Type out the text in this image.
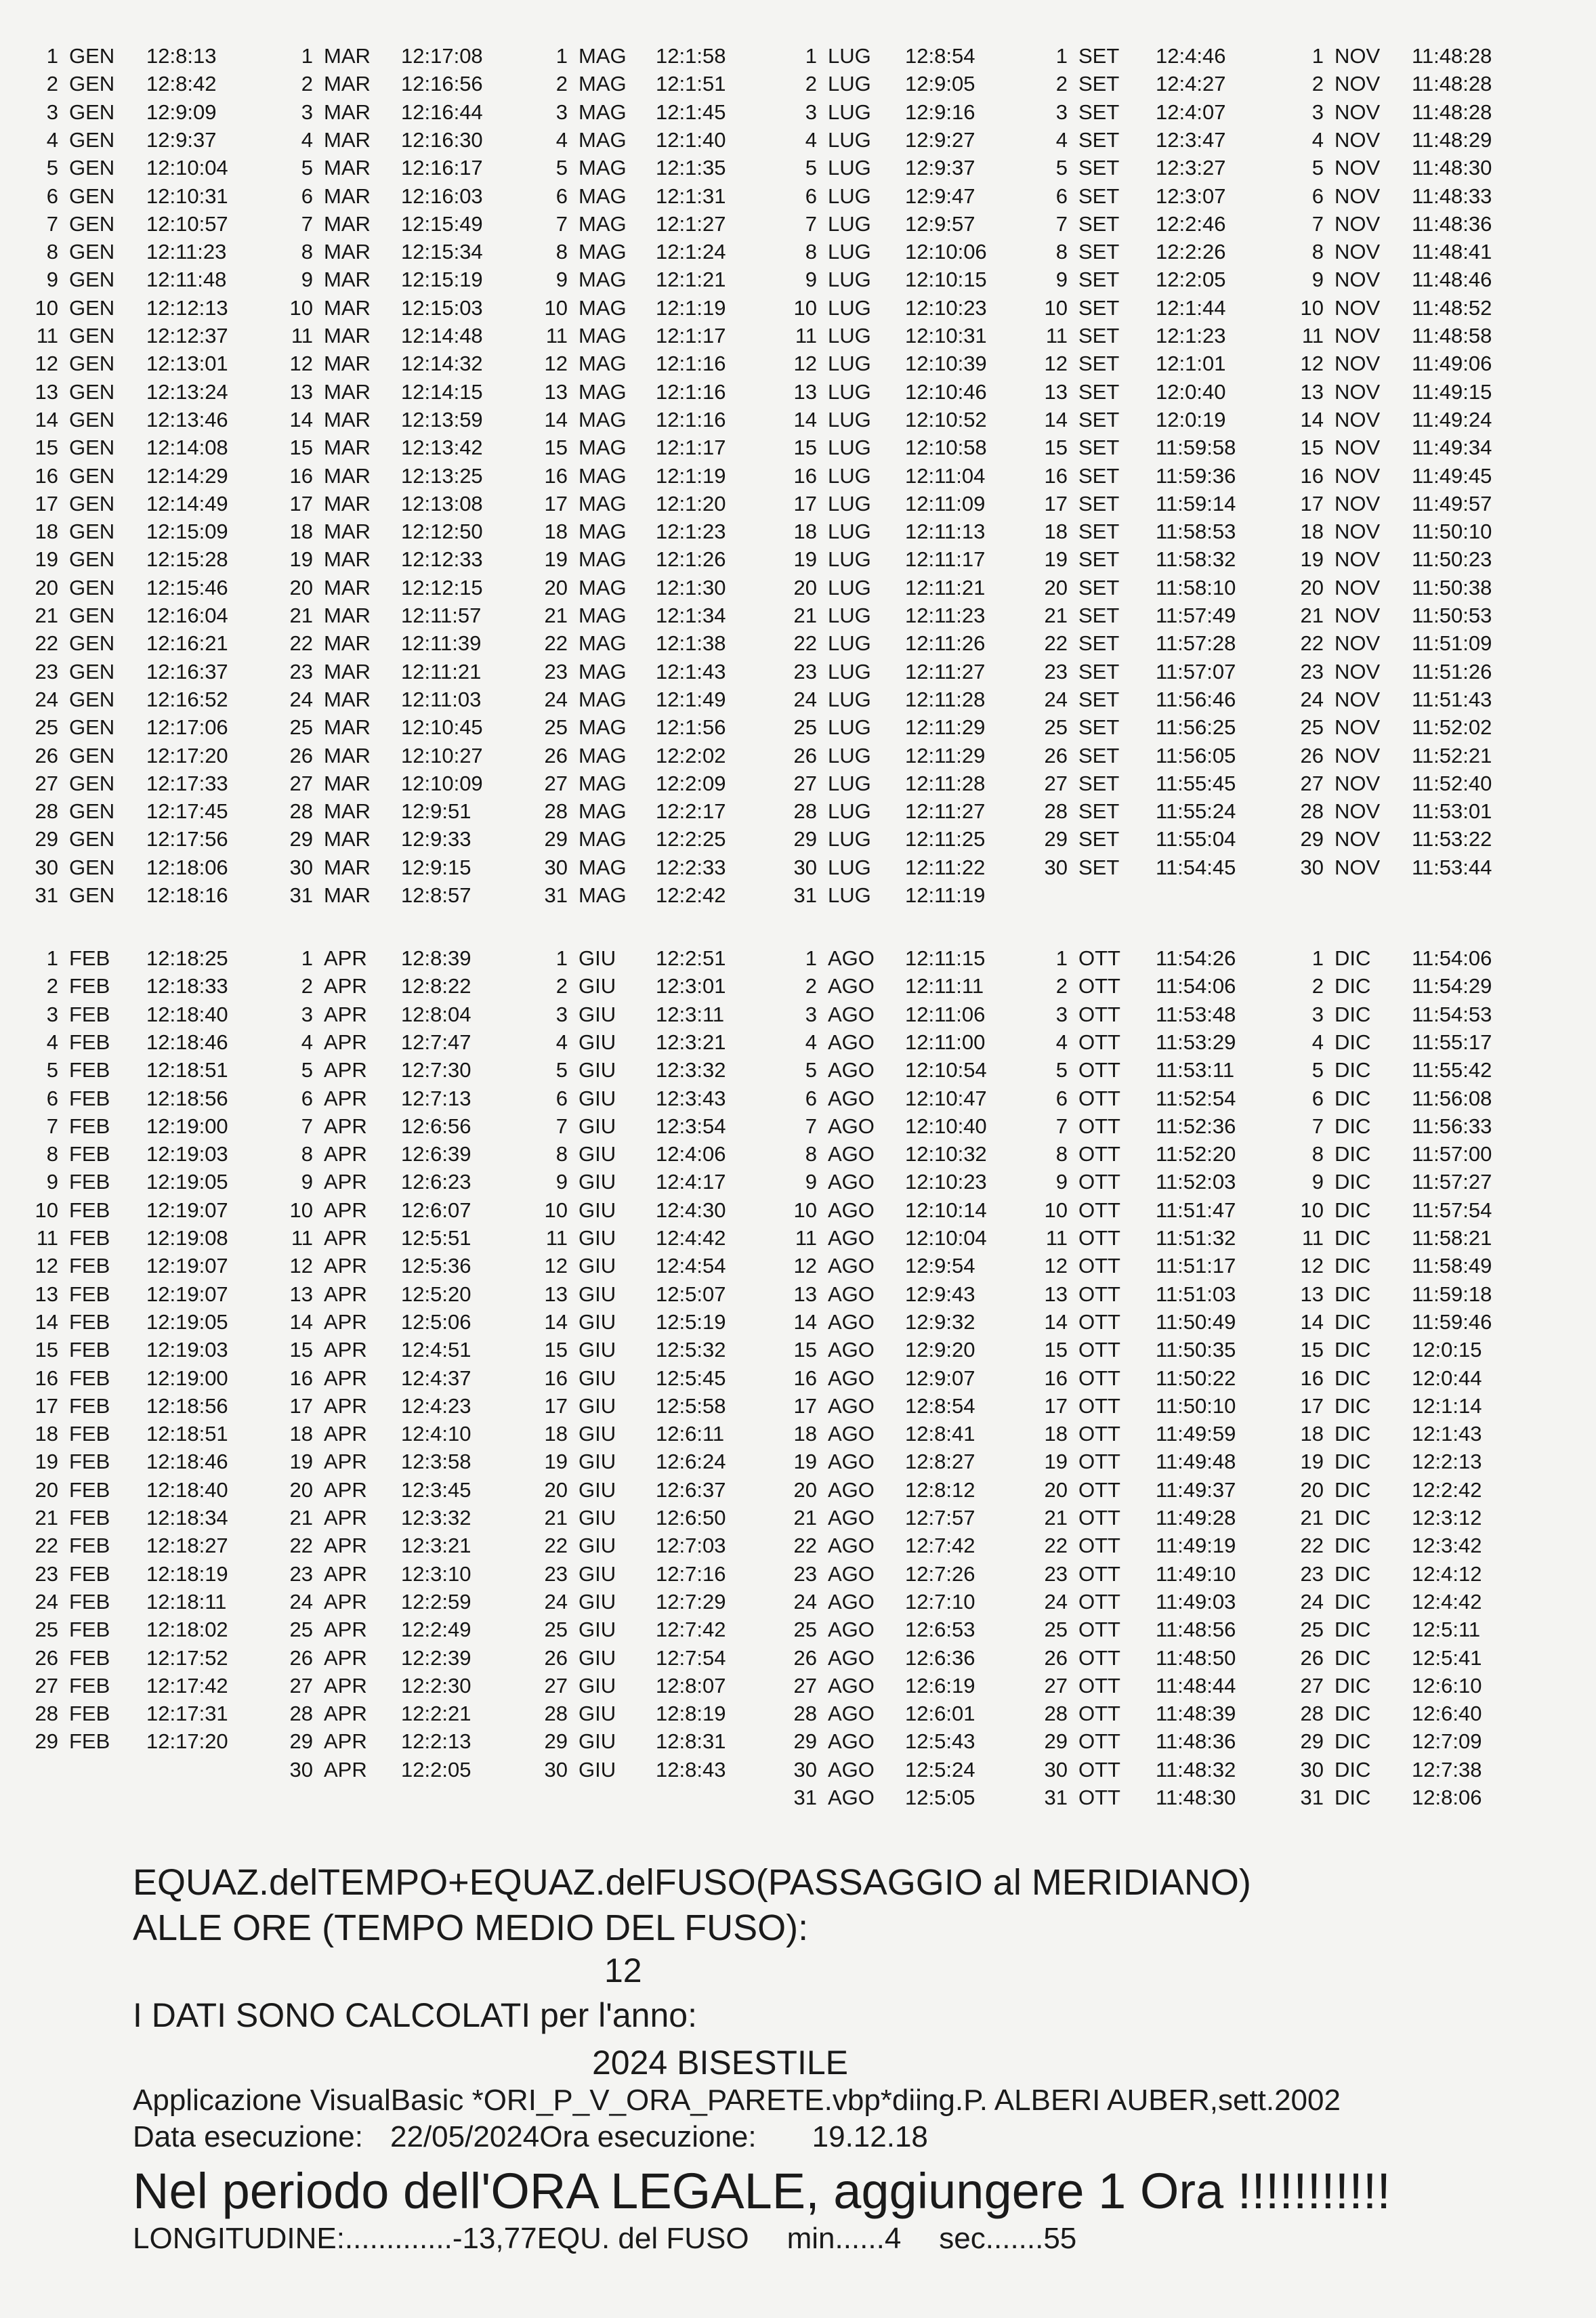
1 GEN 12:8:13
2 GEN 12:8:42
3 GEN 12:9:09
4 GEN 12:9:37
5 GEN 12:10:04
6 GEN 12:10:31
7 GEN 12:10:57
8 GEN 12:11:23
9 GEN 12:11:48
10 GEN 12:12:13
11 GEN 12:12:37
12 GEN 12:13:01
13 GEN 12:13:24
14 GEN 12:13:46
15 GEN 12:14:08
16 GEN 12:14:29
17 GEN 12:14:49
18 GEN 12:15:09
19 GEN 12:15:28
20 GEN 12:15:46
21 GEN 12:16:04
22 GEN 12:16:21
23 GEN 12:16:37
24 GEN 12:16:52
25 GEN 12:17:06
26 GEN 12:17:20
27 GEN 12:17:33
28 GEN 12:17:45
29 GEN 12:17:56
30 GEN 12:18:06
31 GEN 12:18:16
1 MAR 12:17:08
2 MAR 12:16:56
3 MAR 12:16:44
4 MAR 12:16:30
5 MAR 12:16:17
6 MAR 12:16:03
7 MAR 12:15:49
8 MAR 12:15:34
9 MAR 12:15:19
10 MAR 12:15:03
11 MAR 12:14:48
12 MAR 12:14:32
13 MAR 12:14:15
14 MAR 12:13:59
15 MAR 12:13:42
16 MAR 12:13:25
17 MAR 12:13:08
18 MAR 12:12:50
19 MAR 12:12:33
20 MAR 12:12:15
21 MAR 12:11:57
22 MAR 12:11:39
23 MAR 12:11:21
24 MAR 12:11:03
25 MAR 12:10:45
26 MAR 12:10:27
27 MAR 12:10:09
28 MAR 12:9:51
29 MAR 12:9:33
30 MAR 12:9:15
31 MAR 12:8:57
1 MAG 12:1:58
2 MAG 12:1:51
3 MAG 12:1:45
4 MAG 12:1:40
5 MAG 12:1:35
6 MAG 12:1:31
7 MAG 12:1:27
8 MAG 12:1:24
9 MAG 12:1:21
10 MAG 12:1:19
11 MAG 12:1:17
12 MAG 12:1:16
13 MAG 12:1:16
14 MAG 12:1:16
15 MAG 12:1:17
16 MAG 12:1:19
17 MAG 12:1:20
18 MAG 12:1:23
19 MAG 12:1:26
20 MAG 12:1:30
21 MAG 12:1:34
22 MAG 12:1:38
23 MAG 12:1:43
24 MAG 12:1:49
25 MAG 12:1:56
26 MAG 12:2:02
27 MAG 12:2:09
28 MAG 12:2:17
29 MAG 12:2:25
30 MAG 12:2:33
31 MAG 12:2:42
1 LUG 12:8:54
2 LUG 12:9:05
3 LUG 12:9:16
4 LUG 12:9:27
5 LUG 12:9:37
6 LUG 12:9:47
7 LUG 12:9:57
8 LUG 12:10:06
9 LUG 12:10:15
10 LUG 12:10:23
11 LUG 12:10:31
12 LUG 12:10:39
13 LUG 12:10:46
14 LUG 12:10:52
15 LUG 12:10:58
16 LUG 12:11:04
17 LUG 12:11:09
18 LUG 12:11:13
19 LUG 12:11:17
20 LUG 12:11:21
21 LUG 12:11:23
22 LUG 12:11:26
23 LUG 12:11:27
24 LUG 12:11:28
25 LUG 12:11:29
26 LUG 12:11:29
27 LUG 12:11:28
28 LUG 12:11:27
29 LUG 12:11:25
30 LUG 12:11:22
31 LUG 12:11:19
1 SET 12:4:46
2 SET 12:4:27
3 SET 12:4:07
4 SET 12:3:47
5 SET 12:3:27
6 SET 12:3:07
7 SET 12:2:46
8 SET 12:2:26
9 SET 12:2:05
10 SET 12:1:44
11 SET 12:1:23
12 SET 12:1:01
13 SET 12:0:40
14 SET 12:0:19
15 SET 11:59:58
16 SET 11:59:36
17 SET 11:59:14
18 SET 11:58:53
19 SET 11:58:32
20 SET 11:58:10
21 SET 11:57:49
22 SET 11:57:28
23 SET 11:57:07
24 SET 11:56:46
25 SET 11:56:25
26 SET 11:56:05
27 SET 11:55:45
28 SET 11:55:24
29 SET 11:55:04
30 SET 11:54:45
1 NOV 11:48:28
2 NOV 11:48:28
3 NOV 11:48:28
4 NOV 11:48:29
5 NOV 11:48:30
6 NOV 11:48:33
7 NOV 11:48:36
8 NOV 11:48:41
9 NOV 11:48:46
10 NOV 11:48:52
11 NOV 11:48:58
12 NOV 11:49:06
13 NOV 11:49:15
14 NOV 11:49:24
15 NOV 11:49:34
16 NOV 11:49:45
17 NOV 11:49:57
18 NOV 11:50:10
19 NOV 11:50:23
20 NOV 11:50:38
21 NOV 11:50:53
22 NOV 11:51:09
23 NOV 11:51:26
24 NOV 11:51:43
25 NOV 11:52:02
26 NOV 11:52:21
27 NOV 11:52:40
28 NOV 11:53:01
29 NOV 11:53:22
30 NOV 11:53:44
1 FEB 12:18:25
2 FEB 12:18:33
3 FEB 12:18:40
4 FEB 12:18:46
5 FEB 12:18:51
6 FEB 12:18:56
7 FEB 12:19:00
8 FEB 12:19:03
9 FEB 12:19:05
10 FEB 12:19:07
11 FEB 12:19:08
12 FEB 12:19:07
13 FEB 12:19:07
14 FEB 12:19:05
15 FEB 12:19:03
16 FEB 12:19:00
17 FEB 12:18:56
18 FEB 12:18:51
19 FEB 12:18:46
20 FEB 12:18:40
21 FEB 12:18:34
22 FEB 12:18:27
23 FEB 12:18:19
24 FEB 12:18:11
25 FEB 12:18:02
26 FEB 12:17:52
27 FEB 12:17:42
28 FEB 12:17:31
29 FEB 12:17:20
1 APR 12:8:39
2 APR 12:8:22
3 APR 12:8:04
4 APR 12:7:47
5 APR 12:7:30
6 APR 12:7:13
7 APR 12:6:56
8 APR 12:6:39
9 APR 12:6:23
10 APR 12:6:07
11 APR 12:5:51
12 APR 12:5:36
13 APR 12:5:20
14 APR 12:5:06
15 APR 12:4:51
16 APR 12:4:37
17 APR 12:4:23
18 APR 12:4:10
19 APR 12:3:58
20 APR 12:3:45
21 APR 12:3:32
22 APR 12:3:21
23 APR 12:3:10
24 APR 12:2:59
25 APR 12:2:49
26 APR 12:2:39
27 APR 12:2:30
28 APR 12:2:21
29 APR 12:2:13
30 APR 12:2:05
1 GIU 12:2:51
2 GIU 12:3:01
3 GIU 12:3:11
4 GIU 12:3:21
5 GIU 12:3:32
6 GIU 12:3:43
7 GIU 12:3:54
8 GIU 12:4:06
9 GIU 12:4:17
10 GIU 12:4:30
11 GIU 12:4:42
12 GIU 12:4:54
13 GIU 12:5:07
14 GIU 12:5:19
15 GIU 12:5:32
16 GIU 12:5:45
17 GIU 12:5:58
18 GIU 12:6:11
19 GIU 12:6:24
20 GIU 12:6:37
21 GIU 12:6:50
22 GIU 12:7:03
23 GIU 12:7:16
24 GIU 12:7:29
25 GIU 12:7:42
26 GIU 12:7:54
27 GIU 12:8:07
28 GIU 12:8:19
29 GIU 12:8:31
30 GIU 12:8:43
1 AGO 12:11:15
2 AGO 12:11:11
3 AGO 12:11:06
4 AGO 12:11:00
5 AGO 12:10:54
6 AGO 12:10:47
7 AGO 12:10:40
8 AGO 12:10:32
9 AGO 12:10:23
10 AGO 12:10:14
11 AGO 12:10:04
12 AGO 12:9:54
13 AGO 12:9:43
14 AGO 12:9:32
15 AGO 12:9:20
16 AGO 12:9:07
17 AGO 12:8:54
18 AGO 12:8:41
19 AGO 12:8:27
20 AGO 12:8:12
21 AGO 12:7:57
22 AGO 12:7:42
23 AGO 12:7:26
24 AGO 12:7:10
25 AGO 12:6:53
26 AGO 12:6:36
27 AGO 12:6:19
28 AGO 12:6:01
29 AGO 12:5:43
30 AGO 12:5:24
31 AGO 12:5:05
1 OTT 11:54:26
2 OTT 11:54:06
3 OTT 11:53:48
4 OTT 11:53:29
5 OTT 11:53:11
6 OTT 11:52:54
7 OTT 11:52:36
8 OTT 11:52:20
9 OTT 11:52:03
10 OTT 11:51:47
11 OTT 11:51:32
12 OTT 11:51:17
13 OTT 11:51:03
14 OTT 11:50:49
15 OTT 11:50:35
16 OTT 11:50:22
17 OTT 11:50:10
18 OTT 11:49:59
19 OTT 11:49:48
20 OTT 11:49:37
21 OTT 11:49:28
22 OTT 11:49:19
23 OTT 11:49:10
24 OTT 11:49:03
25 OTT 11:48:56
26 OTT 11:48:50
27 OTT 11:48:44
28 OTT 11:48:39
29 OTT 11:48:36
30 OTT 11:48:32
31 OTT 11:48:30
1 DIC 11:54:06
2 DIC 11:54:29
3 DIC 11:54:53
4 DIC 11:55:17
5 DIC 11:55:42
6 DIC 11:56:08
7 DIC 11:56:33
8 DIC 11:57:00
9 DIC 11:57:27
10 DIC 11:57:54
11 DIC 11:58:21
12 DIC 11:58:49
13 DIC 11:59:18
14 DIC 11:59:46
15 DIC 12:0:15
16 DIC 12:0:44
17 DIC 12:1:14
18 DIC 12:1:43
19 DIC 12:2:13
20 DIC 12:2:42
21 DIC 12:3:12
22 DIC 12:3:42
23 DIC 12:4:12
24 DIC 12:4:42
25 DIC 12:5:11
26 DIC 12:5:41
27 DIC 12:6:10
28 DIC 12:6:40
29 DIC 12:7:09
30 DIC 12:7:38
31 DIC 12:8:06
EQUAZ.delTEMPO+EQUAZ.delFUSO(PASSAGGIO al MERIDIANO)
ALLE ORE (TEMPO MEDIO DEL FUSO):
12
I DATI SONO CALCOLATI per l'anno:
2024 BISESTILE
Applicazione VisualBasic *ORI_P_V_ORA_PARETE.vbp*diing.P. ALBERI AUBER,sett.2002
Data esecuzione: 22/05/2024Ora esecuzione: 19.12.18
Nel periodo dell'ORA LEGALE, aggiungere 1 Ora !!!!!!!!!!!
LONGITUDINE:.............-13,77EQU. del FUSO min......4 sec.......55
